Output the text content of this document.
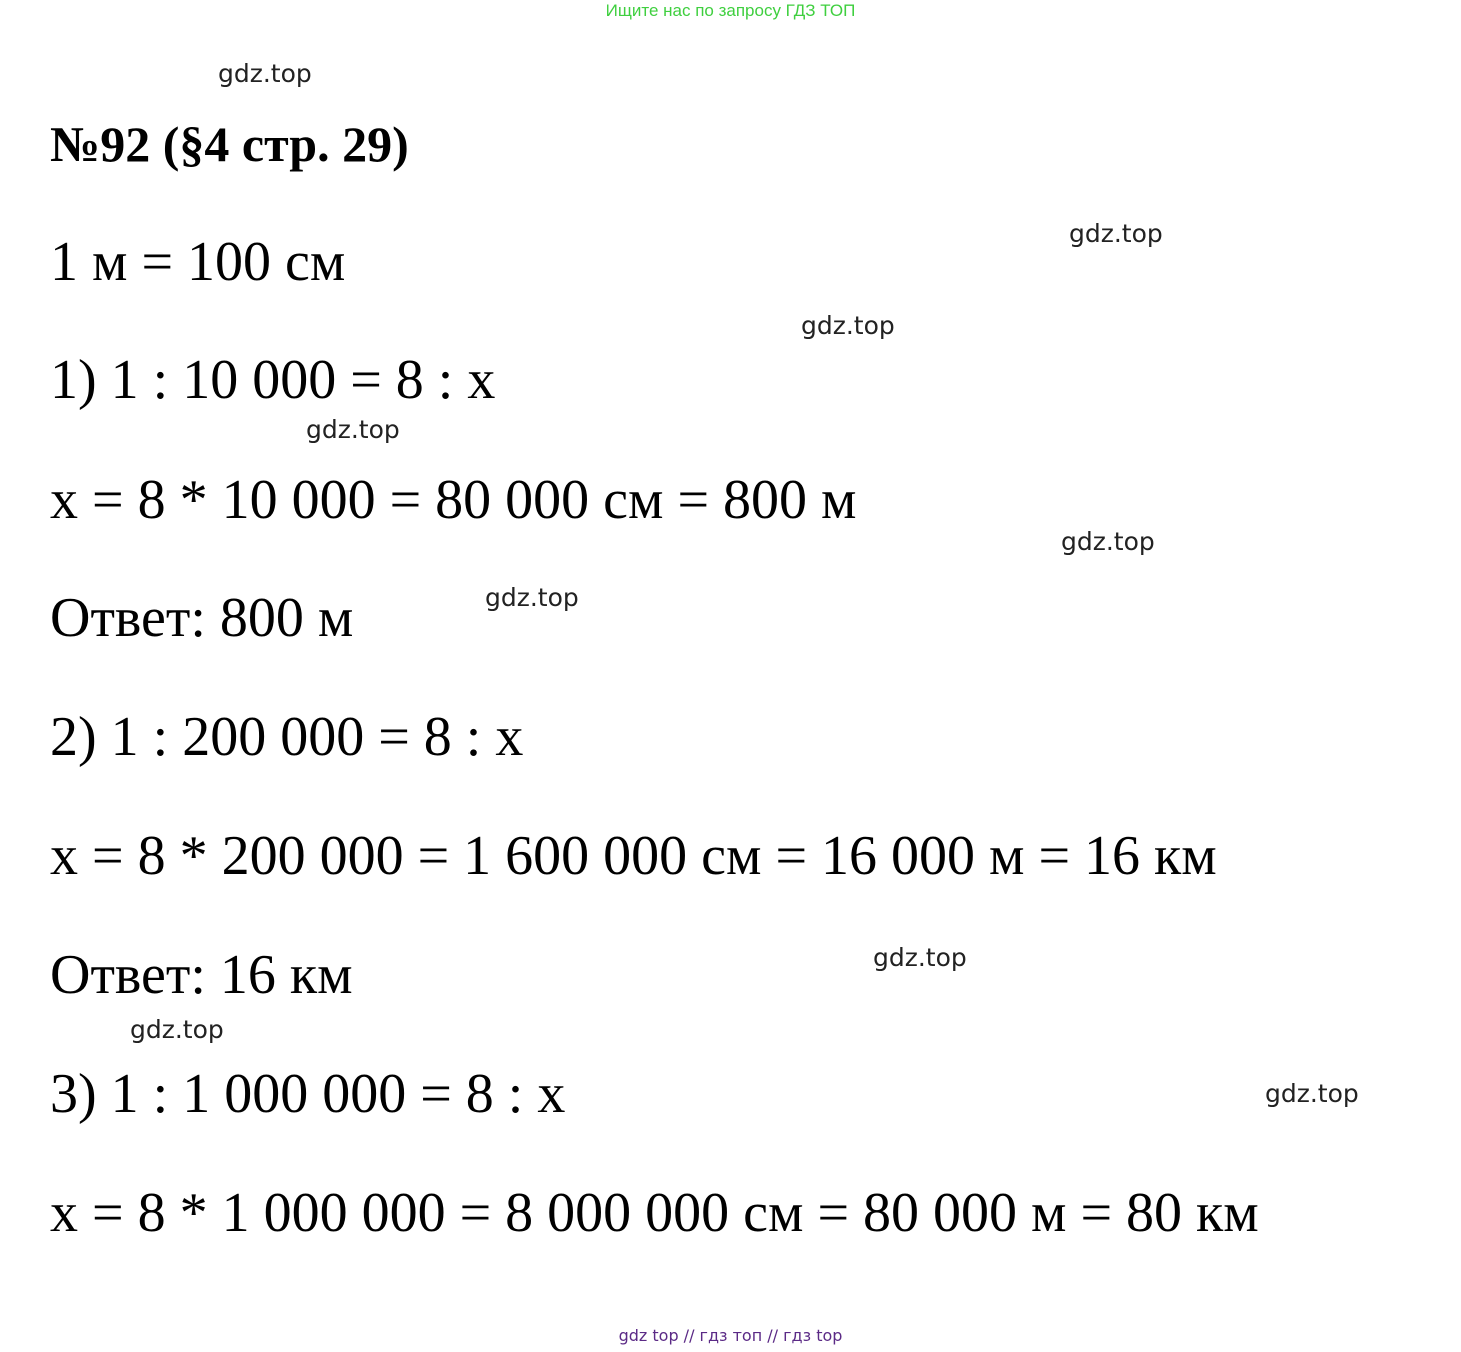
Ищите нас по запросу ГДЗ ТОП
№92 (§4 стр. 29)
1 м = 100 см
1) 1 : 10 000 = 8 : x
x = 8 * 10 000 = 80 000 см = 800 м
Ответ: 800 м
2) 1 : 200 000 = 8 : x
x = 8 * 200 000 = 1 600 000 см = 16 000 м = 16 км
Ответ: 16 км
3) 1 : 1 000 000 = 8 : x
x = 8 * 1 000 000 = 8 000 000 см = 80 000 м = 80 км
gdz.top
gdz.top
gdz.top
gdz.top
gdz.top
gdz.top
gdz.top
gdz.top
gdz.top
gdz top // гдз топ // гдз top
